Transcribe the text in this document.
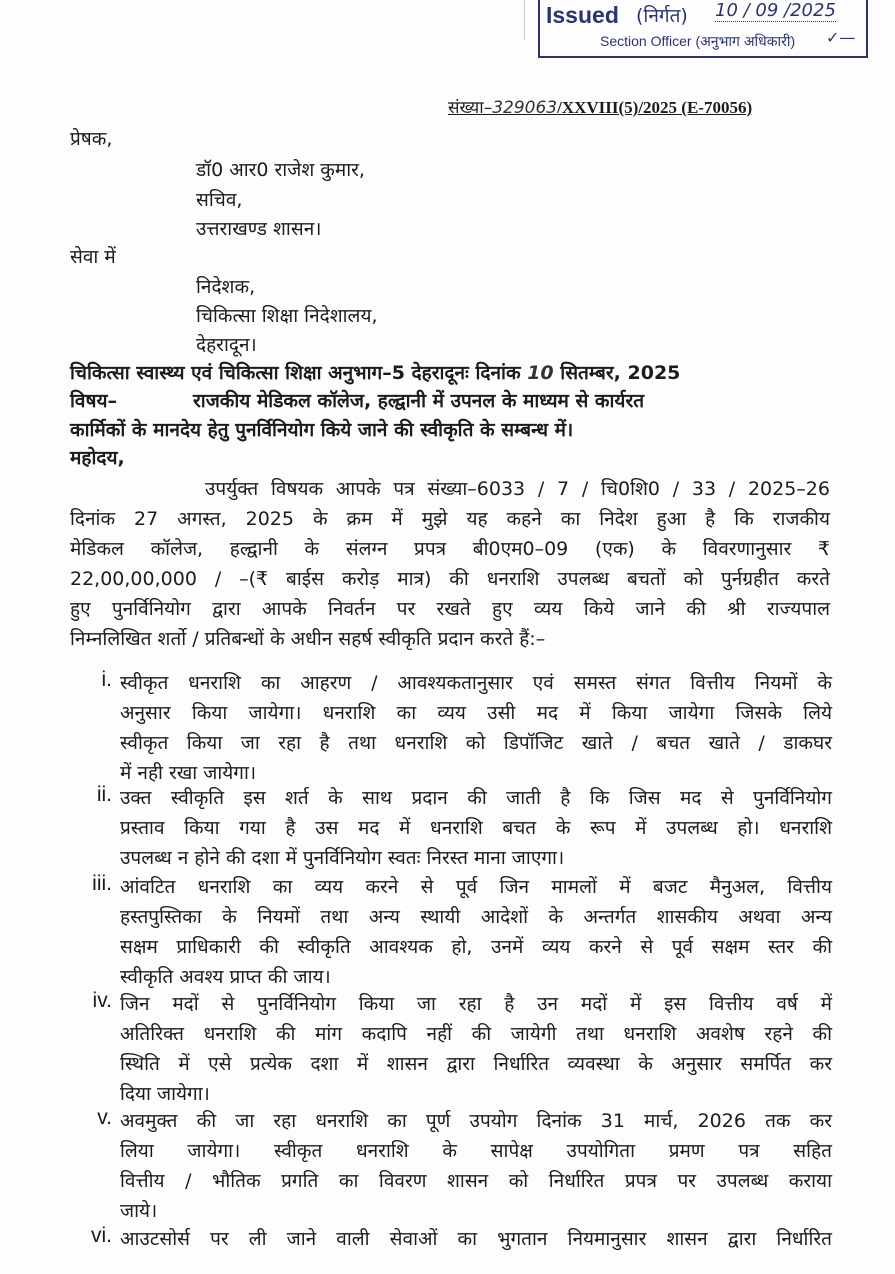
Issued (निर्गत) 10 / 09 /2025
Section Officer (अनुभाग अधिकारी) ✓—
संख्या–329063/XXVIII(5)/2025 (E-70056)
प्रेषक,
डॉ0 आर0 राजेश कुमार,
सचिव,
उत्तराखण्ड शासन।
सेवा में
निदेशक,
चिकित्सा शिक्षा निदेशालय,
देहरादून।
चिकित्सा स्वास्थ्य एवं चिकित्सा शिक्षा अनुभाग–5 देहरादूनः दिनांक 10 सितम्बर, 2025
विषय–	राजकीय मेडिकल कॉलेज, हल्द्वानी में उपनल के माध्यम से कार्यरत
कार्मिकों के मानदेय हेतु पुनर्विनियोग किये जाने की स्वीकृति के सम्बन्ध में।
महोदय,
उपर्युक्त विषयक आपके पत्र संख्या–6033 / 7 / चि0शि0 / 33 / 2025–26
दिनांक 27 अगस्त, 2025 के क्रम में मुझे यह कहने का निदेश हुआ है कि राजकीय
मेडिकल कॉलेज, हल्द्वानी के संलग्न प्रपत्र बी0एम0–09 (एक) के विवरणानुसार ₹
22,00,00,000 / –(₹ बाईस करोड़ मात्र) की धनराशि उपलब्ध बचतों को पुर्नग्रहीत करते
हुए पुनर्विनियोग द्वारा आपके निवर्तन पर रखते हुए व्यय किये जाने की श्री राज्यपाल
निम्नलिखित शर्तो / प्रतिबन्धों के अधीन सहर्ष स्वीकृति प्रदान करते हैं:–
i. स्वीकृत धनराशि का आहरण / आवश्यकतानुसार एवं समस्त संगत वित्तीय नियमों के
अनुसार किया जायेगा। धनराशि का व्यय उसी मद में किया जायेगा जिसके लिये
स्वीकृत किया जा रहा है तथा धनराशि को डिपॉजिट खाते / बचत खाते / डाकघर
में नही रखा जायेगा।
ii. उक्त स्वीकृति इस शर्त के साथ प्रदान की जाती है कि जिस मद से पुनर्विनियोग
प्रस्ताव किया गया है उस मद में धनराशि बचत के रूप में उपलब्ध हो। धनराशि
उपलब्ध न होने की दशा में पुनर्विनियोग स्वतः निरस्त माना जाएगा।
iii. आंवटित धनराशि का व्यय करने से पूर्व जिन मामलों में बजट मैनुअल, वित्तीय
हस्तपुस्तिका के नियमों तथा अन्य स्थायी आदेशों के अन्तर्गत शासकीय अथवा अन्य
सक्षम प्राधिकारी की स्वीकृति आवश्यक हो, उनमें व्यय करने से पूर्व सक्षम स्तर की
स्वीकृति अवश्य प्राप्त की जाय।
iv. जिन मदों से पुनर्विनियोग किया जा रहा है उन मदों में इस वित्तीय वर्ष में
अतिरिक्त धनराशि की मांग कदापि नहीं की जायेगी तथा धनराशि अवशेष रहने की
स्थिति में एसे प्रत्येक दशा में शासन द्वारा निर्धारित व्यवस्था के अनुसार समर्पित कर
दिया जायेगा।
v. अवमुक्त की जा रहा धनराशि का पूर्ण उपयोग दिनांक 31 मार्च, 2026 तक कर
लिया जायेगा। स्वीकृत धनराशि के सापेक्ष उपयोगिता प्रमण पत्र सहित
वित्तीय / भौतिक प्रगति का विवरण शासन को निर्धारित प्रपत्र पर उपलब्ध कराया
जाये।
vi. आउटसोर्स पर ली जाने वाली सेवाओं का भुगतान नियमानुसार शासन द्वारा निर्धारित
